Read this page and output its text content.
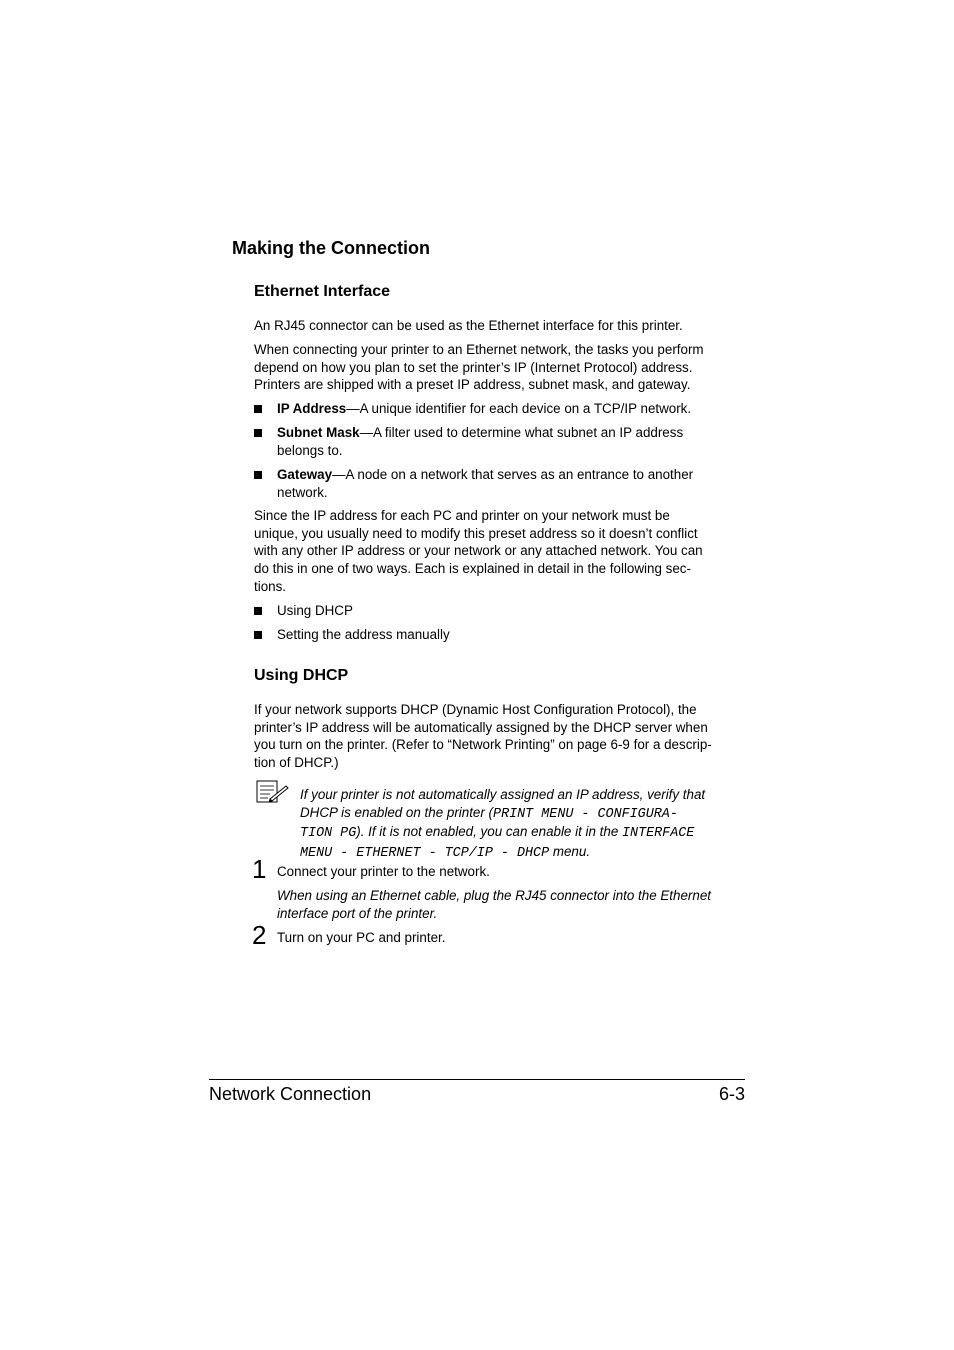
Making the Connection
Ethernet Interface

An RJ45 connector can be used as the Ethernet interface for this printer.

When connecting your printer to an Ethernet network, the tasks you perform
depend on how you plan to set the printer’s IP (Internet Protocol) address.
Printers are shipped with a preset IP address, subnet mask, and gateway.
IP Address—A unique identifier for each device on a TCP/IP network.
Subnet Mask—A filter used to determine what subnet an IP address
belongs to.
Gateway—A node on a network that serves as an entrance to another
network.
Since the IP address for each PC and printer on your network must be
unique, you usually need to modify this preset address so it doesn’t conflict
with any other IP address or your network or any attached network. You can
do this in one of two ways. Each is explained in detail in the following sec-
tions.
Using DHCP
Setting the address manually
Using DHCP
If your network supports DHCP (Dynamic Host Configuration Protocol), the
printer’s IP address will be automatically assigned by the DHCP server when
you turn on the printer. (Refer to “Network Printing” on page 6-9 for a descrip-
tion of DHCP.)
If your printer is not automatically assigned an IP address, verify that
DHCP is enabled on the printer (PRINT MENU - CONFIGURA-
TION PG). If it is not enabled, you can enable it in the INTERFACE
MENU - ETHERNET - TCP/IP - DHCP menu.
1 Connect your printer to the network.
When using an Ethernet cable, plug the RJ45 connector into the Ethernet
interface port of the printer.
2 Turn on your PC and printer.
Network Connection	6-3
